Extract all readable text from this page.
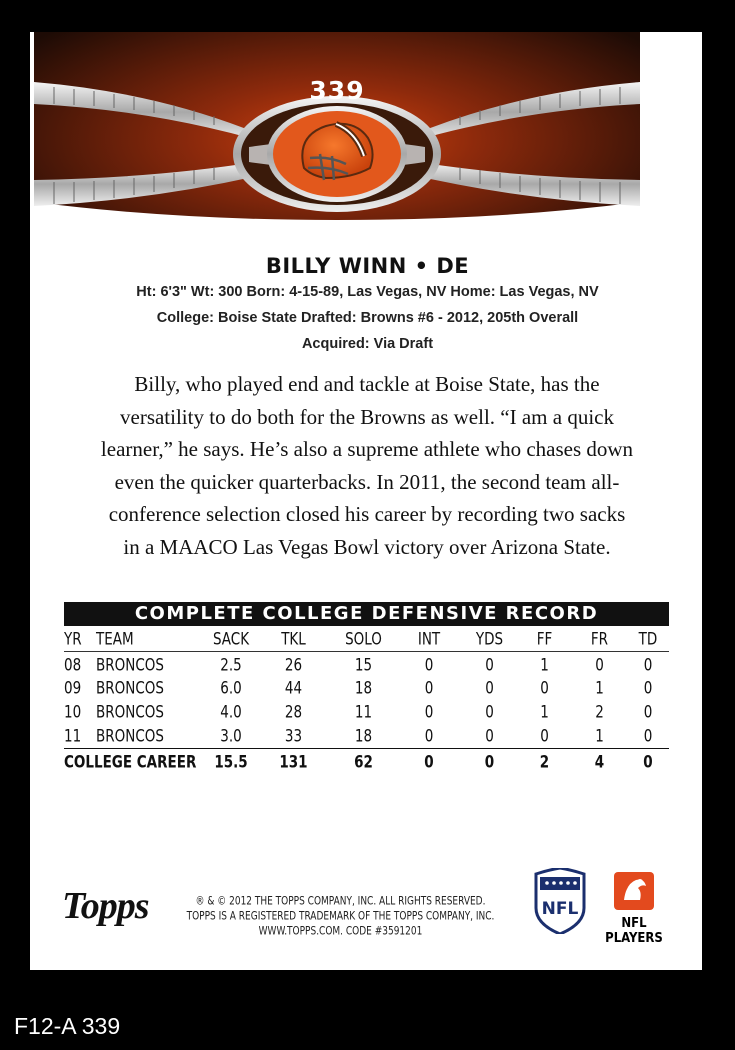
339
BILLY WINN • DE
Ht: 6'3" Wt: 300 Born: 4-15-89, Las Vegas, NV Home: Las Vegas, NV
College: Boise State Drafted: Browns #6 - 2012, 205th Overall
Acquired: Via Draft
Billy, who played end and tackle at Boise State, has the
versatility to do both for the Browns as well. “I am a quick
learner,” he says. He’s also a supreme athlete who chases down
even the quicker quarterbacks. In 2011, the second team all-
conference selection closed his career by recording two sacks
in a MAACO Las Vegas Bowl victory over Arizona State.
COMPLETE COLLEGE DEFENSIVE RECORD
YR	TEAM	SACK	TKL	SOLO	INT	YDS	FF	FR	TD
08	BRONCOS	2.5	26	15	0	0	1	0	0
09	BRONCOS	6.0	44	18	0	0	0	1	0
10	BRONCOS	4.0	28	11	0	0	1	2	0
11	BRONCOS	3.0	33	18	0	0	0	1	0
COLLEGE CAREER		15.5	131	62	0	0	2	4	0
Topps	® & © 2012 THE TOPPS COMPANY, INC. ALL RIGHTS RESERVED.
TOPPS IS A REGISTERED TRADEMARK OF THE TOPPS COMPANY, INC.
WWW.TOPPS.COM. CODE #3591201
NFL
NFL PLAYERS
F12-A 339
